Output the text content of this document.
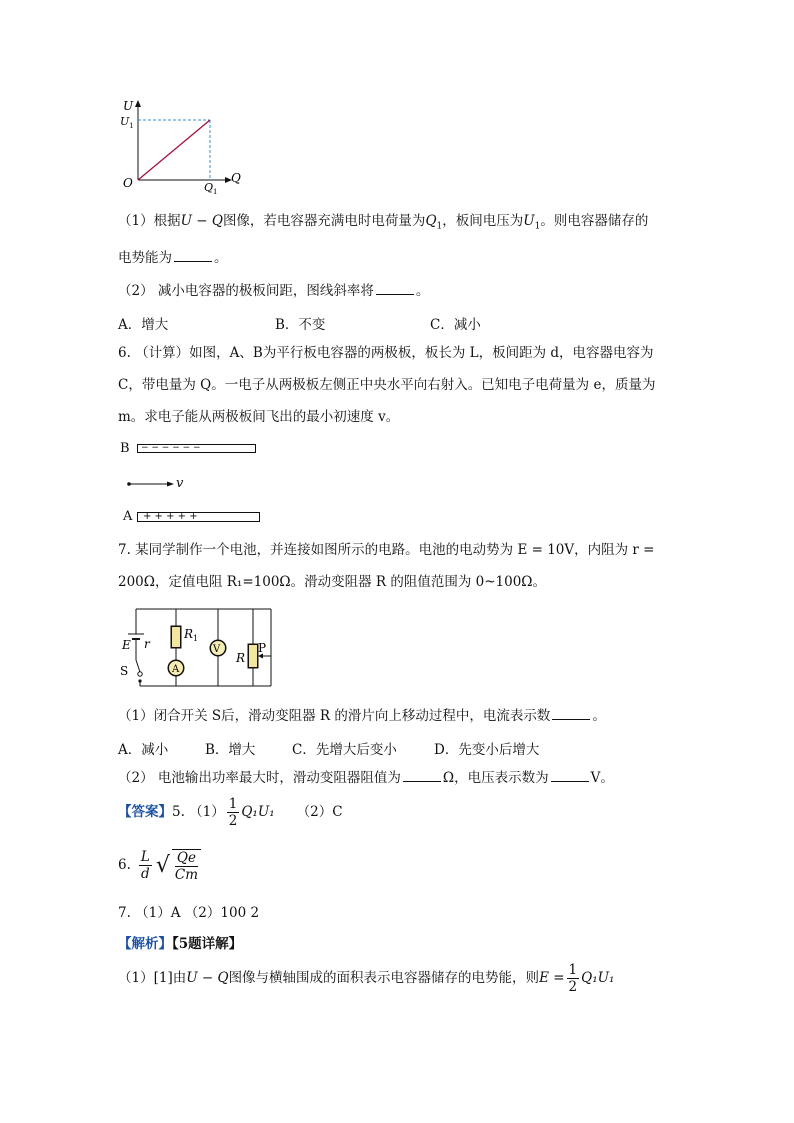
U
$U_1$
O	$Q_1$
Q
（1）根据U − Q图像，若电容器充满电时电荷量为$Q_1$，板间电压为$U_1$。则电容器储存的
电势能为	。
（2） 减小电容器的极板间距，图线斜率将	。
A．增大	B．不变	C．减小
6. （计算）如图，A、B为平行板电容器的两极板，板长为 L，板间距为 d，电容器电容为
C，带电量为 Q。一电子从两极板左侧正中央水平向右射入。已知电子电荷量为 e，质量为
m。求电子能从两极板间飞出的最小初速度 v。
B	− − − − − −
v
A	+ + + + +
7. 某同学制作一个电池，并连接如图所示的电路。电池的电动势为 E = 10V，内阻为 r =
200Ω，定值电阻 R₁=100Ω。滑动变阻器 R 的阻值范围为 0~100Ω。
E r
$R_1$
A
V
R
P
S
（1）闭合开关 S后，滑动变阻器 R 的滑片向上移动过程中，电流表示数	。
A．减小	B．增大	C．先增大后变小	D．先变小后增大
（2） 电池输出功率最大时，滑动变阻器阻值为	Ω，电压表示数为	V。
【答案】5. $(1) \frac{1}{2} Q_1U_1$ （2）C
6. $\frac{L}{d}$ √ $\frac{Qe}{Cm}$
7. （1）A （2）100 2
【解析】【5题详解】
（1）[1]由U − Q图像与横轴围成的面积表示电容器储存的电势能，则$E = \frac{1}{2} Q_1U_1$
